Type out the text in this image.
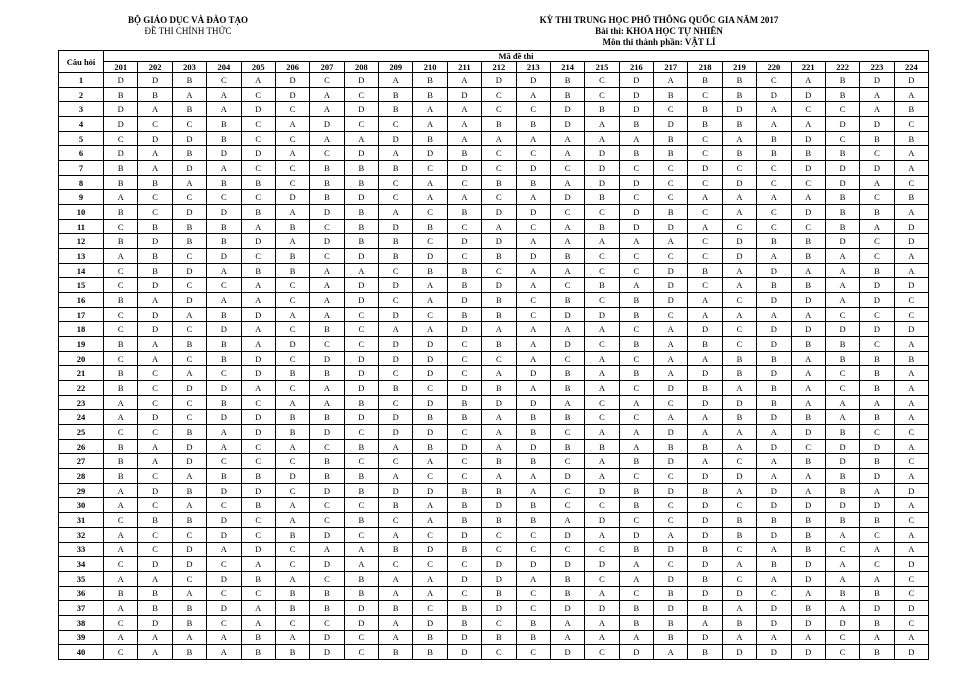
BỘ GIÁO DỤC VÀ ĐÀO TẠO
ĐỀ THI CHÍNH THỨC
KỲ THI TRUNG HỌC PHỔ THÔNG QUỐC GIA NĂM 2017
Bài thi: KHOA HỌC TỰ NHIÊN
Môn thi thành phần: VẬT LÍ
Câu hỏi	Mã đề thi																							
	201	202	203	204	205	206	207	208	209	210	211	212	213	214	215	216	217	218	219	220	221	222	223	224
1	D	D	B	C	A	D	C	D	A	B	A	D	D	B	C	D	A	B	B	C	A	B	D	D
2	B	B	A	A	C	D	A	C	B	B	D	C	A	B	C	D	B	C	B	D	D	B	A	A
3	D	A	B	A	D	C	A	D	B	A	A	C	C	D	B	D	C	B	D	A	C	C	A	B
4	D	C	C	B	C	A	D	C	C	A	A	B	B	D	A	B	D	B	B	A	A	D	D	C
5	C	D	D	B	C	C	A	A	D	B	A	A	A	A	A	A	B	C	A	B	D	C	B	B
6	D	A	B	D	D	A	C	D	A	D	B	C	C	A	D	B	B	C	B	B	B	B	C	A
7	B	A	D	A	C	C	B	B	B	C	D	C	D	C	D	C	C	D	C	C	D	D	D	A
8	B	B	A	B	B	C	B	B	C	A	C	B	B	A	D	D	C	C	D	C	C	D	A	C
9	A	C	C	C	C	D	B	D	C	A	A	C	A	D	B	C	C	A	A	A	A	B	C	B
10	B	C	D	D	B	A	D	B	A	C	B	D	D	C	C	D	B	C	A	C	D	B	B	A
11	C	B	B	B	A	B	C	B	D	B	C	A	C	A	B	D	D	A	C	C	C	B	A	D
12	B	D	B	B	D	A	D	B	B	C	D	D	A	A	A	A	A	C	D	B	B	D	C	D
13	A	B	C	D	C	B	C	D	B	D	C	B	D	B	C	C	C	C	D	A	B	A	C	A
14	C	B	D	A	B	B	A	A	C	B	B	C	A	A	C	C	D	B	A	D	A	A	B	A
15	C	D	C	C	A	C	A	D	D	A	B	D	A	C	B	A	D	C	A	B	B	A	D	D
16	B	A	D	A	A	C	A	D	C	A	D	B	C	B	C	B	D	A	C	D	D	A	D	C
17	C	D	A	B	D	A	A	C	D	C	B	B	C	D	D	B	C	A	A	A	A	C	C	C
18	C	D	C	D	A	C	B	C	A	A	D	A	A	A	A	C	A	D	C	D	D	D	D	D
19	B	A	B	B	A	D	C	C	D	D	C	B	A	D	C	B	A	B	C	D	B	B	C	A
20	C	A	C	B	D	C	D	D	D	D	C	C	A	C	A	C	A	A	B	B	A	B	B	B
21	B	C	A	C	D	B	B	D	C	D	C	A	D	B	A	B	A	D	B	D	A	C	B	A
22	B	C	D	D	A	C	A	D	B	C	D	B	A	B	A	C	D	B	A	B	A	C	B	A
23	A	C	C	B	C	A	A	B	C	D	B	D	D	A	C	A	C	D	D	B	A	A	A	A
24	A	D	C	D	D	B	B	D	D	B	B	A	B	B	C	C	A	A	B	D	B	A	B	A
25	C	C	B	A	D	B	D	C	D	D	C	A	B	C	A	A	D	A	A	A	D	B	C	C
26	B	A	D	A	C	A	C	B	A	B	D	A	D	B	B	A	B	B	A	D	C	D	D	A
27	B	A	D	C	C	C	B	C	C	A	C	B	B	C	A	B	D	A	C	A	B	D	B	C
28	B	C	A	B	B	D	B	B	A	C	C	A	A	D	A	C	C	D	D	A	A	B	D	A
29	A	D	B	D	D	C	D	B	D	D	B	B	A	C	D	B	D	B	A	D	A	B	A	D
30	A	C	A	C	B	A	C	C	B	A	B	D	B	C	C	B	C	D	C	D	D	D	D	A
31	C	B	B	D	C	A	C	B	C	A	B	B	B	A	D	C	C	D	B	B	B	B	B	C
32	A	C	C	D	C	B	D	C	A	C	D	C	C	D	A	D	A	D	B	D	B	A	C	A
33	A	C	D	A	D	C	A	A	B	D	B	C	C	C	C	B	D	B	C	A	B	C	A	A
34	C	D	D	C	A	C	D	A	C	C	C	D	D	D	D	A	C	D	A	B	D	A	C	D
35	A	A	C	D	B	A	C	B	A	A	D	D	A	B	C	A	D	B	C	A	D	A	A	C
36	B	B	A	C	C	B	B	B	A	A	C	B	C	B	A	C	B	D	D	C	A	B	B	C
37	A	B	B	D	A	B	B	D	B	C	B	D	C	D	D	B	D	B	A	D	B	A	D	D
38	C	D	B	C	A	C	C	D	A	D	B	C	B	A	A	B	B	A	B	D	D	D	B	C
39	A	A	A	A	B	A	D	C	A	B	D	B	B	A	A	A	B	D	A	A	A	C	A	A
40	C	A	B	A	B	B	D	C	B	B	D	C	C	D	C	D	A	B	D	D	D	C	B	D
